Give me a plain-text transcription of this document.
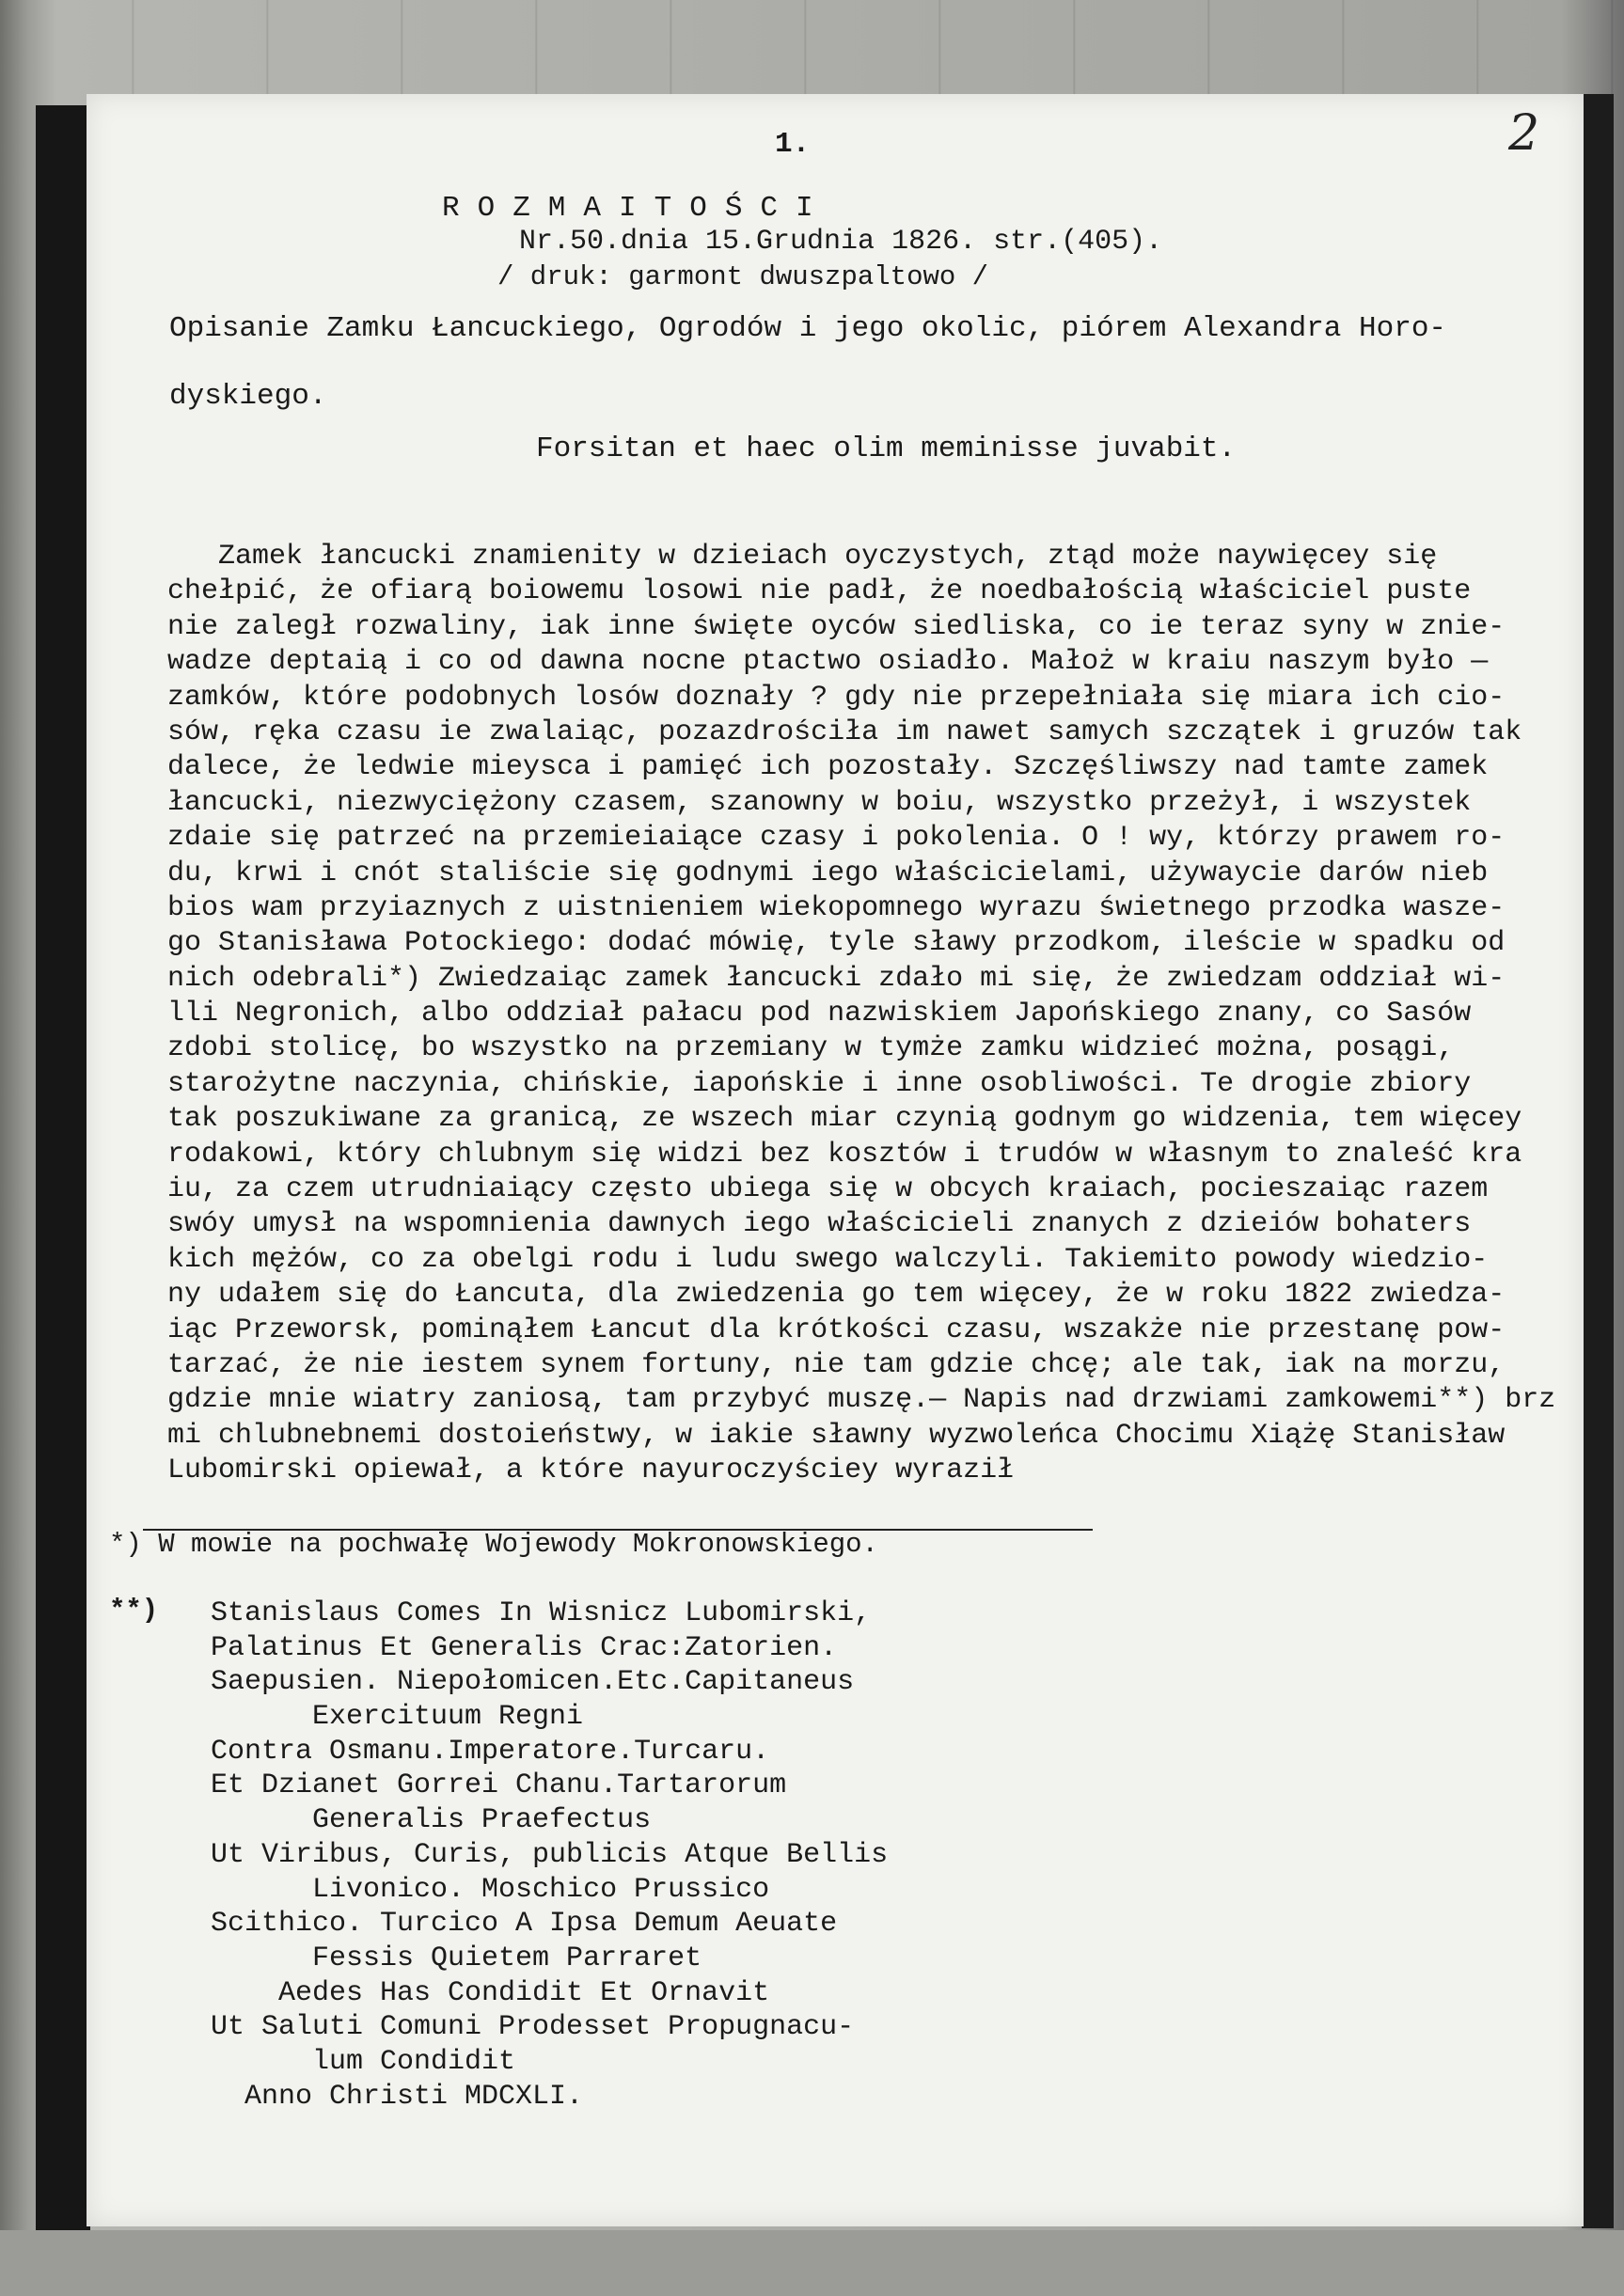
1.	2
ROZMAITOŚCI
Nr.50.dnia 15.Grudnia 1826. str.(405).
/ druk: garmont dwuszpaltowo /
Opisanie Zamku Łancuckiego, Ogrodów i jego okolic, piórem Alexandra Horo-
dyskiego.
Forsitan et haec olim meminisse juvabit.
Zamek łancucki znamienity w dzieiach oyczystych, ztąd może naywięcey się
chełpić, że ofiarą boiowemu losowi nie padł, że noedbałością właściciel puste
nie zaległ rozwaliny, iak inne święte oyców siedliska, co ie teraz syny w znie-
wadze deptaią i co od dawna nocne ptactwo osiadło. Małoż w kraiu naszym było —
zamków, które podobnych losów doznały ? gdy nie przepełniała się miara ich cio-
sów, ręka czasu ie zwalaiąc, pozazdrościła im nawet samych szczątek i gruzów tak
dalece, że ledwie mieysca i pamięć ich pozostały. Szczęśliwszy nad tamte zamek
łancucki, niezwyciężony czasem, szanowny w boiu, wszystko przeżył, i wszystek
zdaie się patrzeć na przemieiaiące czasy i pokolenia. O ! wy, którzy prawem ro-
du, krwi i cnót staliście się godnymi iego właścicielami, używaycie darów nieb
bios wam przyiaznych z uistnieniem wiekopomnego wyrazu świetnego przodka wasze-
go Stanisława Potockiego: dodać mówię, tyle sławy przodkom, ileście w spadku od
nich odebrali*) Zwiedzaiąc zamek łancucki zdało mi się, że zwiedzam oddział wi-
lli Negronich, albo oddział pałacu pod nazwiskiem Japońskiego znany, co Sasów
zdobi stolicę, bo wszystko na przemiany w tymże zamku widzieć można, posągi,
starożytne naczynia, chińskie, iapońskie i inne osobliwości. Te drogie zbiory
tak poszukiwane za granicą, ze wszech miar czynią godnym go widzenia, tem więcey
rodakowi, który chlubnym się widzi bez kosztów i trudów w własnym to znaleść kra
iu, za czem utrudniaiący często ubiega się w obcych kraiach, pocieszaiąc razem
swóy umysł na wspomnienia dawnych iego właścicieli znanych z dzieiów bohaters
kich mężów, co za obelgi rodu i ludu swego walczyli. Takiemito powody wiedzio-
ny udałem się do Łancuta, dla zwiedzenia go tem więcey, że w roku 1822 zwiedza-
iąc Przeworsk, pominąłem Łancut dla krótkości czasu, wszakże nie przestanę pow-
tarzać, że nie iestem synem fortuny, nie tam gdzie chcę; ale tak, iak na morzu,
gdzie mnie wiatry zaniosą, tam przybyć muszę.— Napis nad drzwiami zamkowemi**) brz
mi chlubnebnemi dostoieństwy, w iakie sławny wyzwoleńca Chocimu Xiążę Stanisław
Lubomirski opiewał, a które nayuroczyściey wyraził
*) W mowie na pochwałę Wojewody Mokronowskiego.
**) Stanislaus Comes In Wisnicz Lubomirski,
Palatinus Et Generalis Crac:Zatorien.
Saepusien. Niepołomicen.Etc.Capitaneus
Exercituum Regni
Contra Osmanu.Imperatore.Turcaru.
Et Dzianet Gorrei Chanu.Tartarorum
Generalis Praefectus
Ut Viribus, Curis, publicis Atque Bellis
Livonico. Moschico Prussico
Scithico. Turcico A Ipsa Demum Aeuate
Fessis Quietem Parraret
Aedes Has Condidit Et Ornavit
Ut Saluti Comuni Prodesset Propugnacu-
lum Condidit
Anno Christi MDCXLI.
